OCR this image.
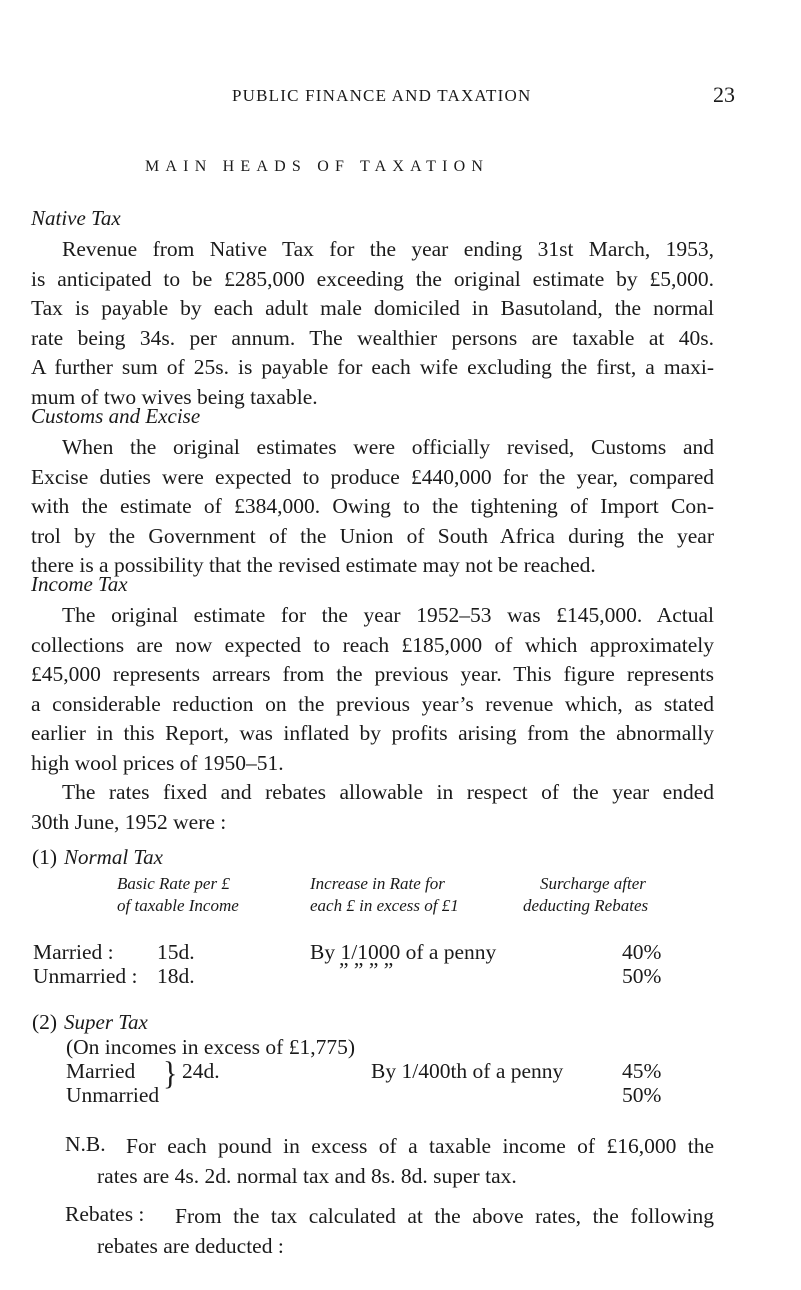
PUBLIC FINANCE AND TAXATION	23
MAIN HEADS OF TAXATION
Native Tax
Revenue from Native Tax for the year ending 31st March, 1953,
is anticipated to be £285,000 exceeding the original estimate by £5,000.
Tax is payable by each adult male domiciled in Basutoland, the normal
rate being 34s. per annum. The wealthier persons are taxable at 40s.
A further sum of 25s. is payable for each wife excluding the first, a maxi-
mum of two wives being taxable.
Customs and Excise
When the original estimates were officially revised, Customs and
Excise duties were expected to produce £440,000 for the year, compared
with the estimate of £384,000. Owing to the tightening of Import Con-
trol by the Government of the Union of South Africa during the year
there is a possibility that the revised estimate may not be reached.
Income Tax
The original estimate for the year 1952–53 was £145,000. Actual
collections are now expected to reach £185,000 of which approximately
£45,000 represents arrears from the previous year. This figure represents
a considerable reduction on the previous year’s revenue which, as stated
earlier in this Report, was inflated by profits arising from the abnormally
high wool prices of 1950–51.
The rates fixed and rebates allowable in respect of the year ended
30th June, 1952 were :
(1) Normal Tax
Basic Rate per £
of taxable Income
Increase in Rate for
each £ in excess of £1
Surcharge after
deducting Rebates
Married : 15d.	By 1/1000 of a penny	40%
Unmarried : 18d.	” ” ” ”	50%
(2) Super Tax
(On incomes in excess of £1,775)
Married } 24d.	By 1/400th of a penny	45%
Unmarried	50%
N.B. For each pound in excess of a taxable income of £16,000 the
rates are 4s. 2d. normal tax and 8s. 8d. super tax.
Rebates : From the tax calculated at the above rates, the following
rebates are deducted :
